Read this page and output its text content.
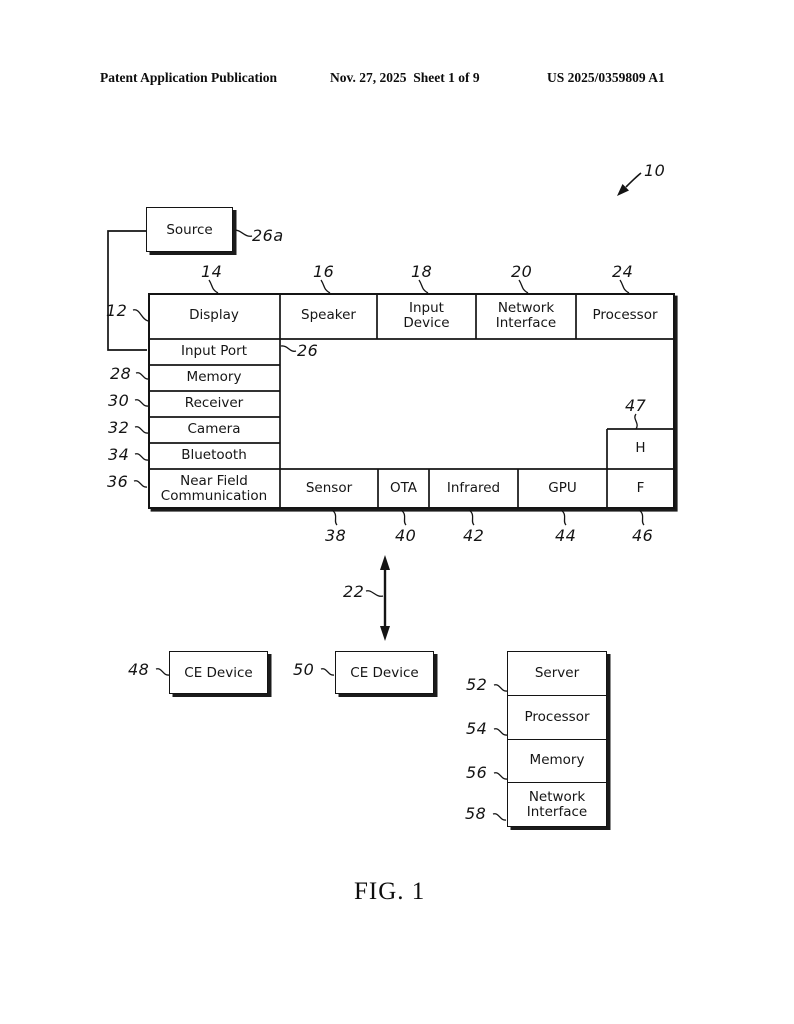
Patent Application Publication	Nov. 27, 2025  Sheet 1 of 9	US 2025/0359809 A1
Source
Display	Speaker	Input Device
Network Interface	Processor
Input Port
Memory
Receiver
Camera
Bluetooth
Near Field Communication	Sensor	OTA	Infrared	GPU	F
H
CE Device	CE Device	Server
Processor
Memory
Network Interface
10
26a
14	16	18	20	24
12
26
28
30
32
34
36
47
38	40	42	44	46
22
48	50
52
54
56
58
FIG. 1
